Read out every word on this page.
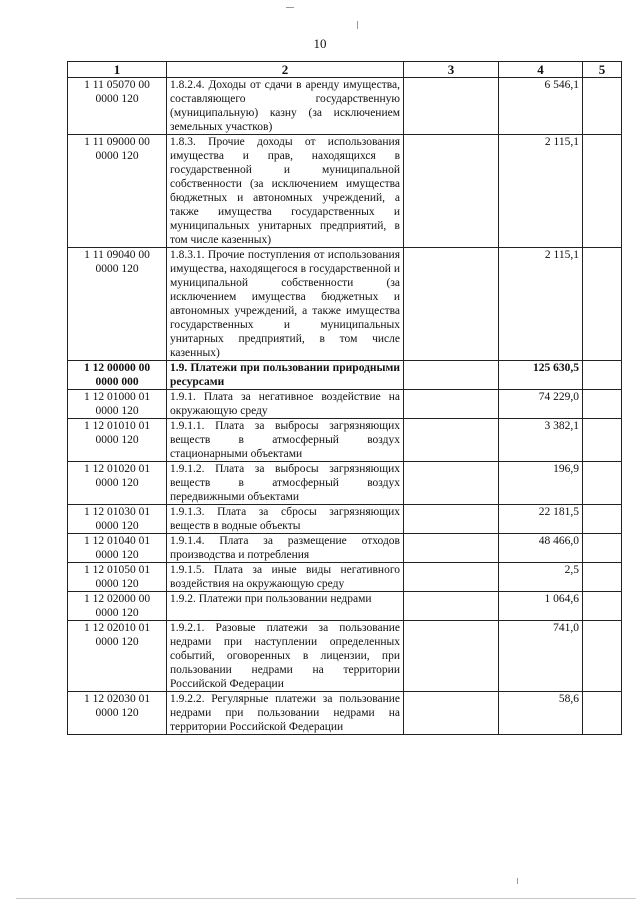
10
1	2	3	4	5
1 11 05070 00
0000 120	1.8.2.4. Доходы от сдачи в аренду имущества, составляющего государственную (муниципальную) казну (за исключением земельных участков)		6 546,1	
1 11 09000 00
0000 120	1.8.3. Прочие доходы от использования имущества и прав, находящихся в государственной и муниципальной собственности (за исключением имущества бюджетных и автономных учреждений, а также имущества государственных и муниципальных унитарных предприятий, в том числе казенных)		2 115,1	
1 11 09040 00
0000 120	1.8.3.1. Прочие поступления от использования имущества, находящегося в государственной и муниципальной собственности (за исключением имущества бюджетных и автономных учреждений, а также имущества государственных и муниципальных унитарных предприятий, в том числе казенных)		2 115,1	
1 12 00000 00
0000 000	1.9. Платежи при пользовании природными ресурсами		125 630,5	
1 12 01000 01
0000 120	1.9.1. Плата за негативное воздействие на окружающую среду		74 229,0	
1 12 01010 01
0000 120	1.9.1.1. Плата за выбросы загрязняющих веществ в атмосферный воздух стационарными объектами		3 382,1	
1 12 01020 01
0000 120	1.9.1.2. Плата за выбросы загрязняющих веществ в атмосферный воздух передвижными объектами		196,9	
1 12 01030 01
0000 120	1.9.1.3. Плата за сбросы загрязняющих веществ в водные объекты		22 181,5	
1 12 01040 01
0000 120	1.9.1.4. Плата за размещение отходов производства и потребления		48 466,0	
1 12 01050 01
0000 120	1.9.1.5. Плата за иные виды негативного воздействия на окружающую среду		2,5	
1 12 02000 00
0000 120	1.9.2. Платежи при пользовании недрами		1 064,6	
1 12 02010 01
0000 120	1.9.2.1. Разовые платежи за пользование недрами при наступлении определенных событий, оговоренных в лицензии, при пользовании недрами на территории Российской Федерации		741,0	
1 12 02030 01
0000 120	1.9.2.2. Регулярные платежи за пользование недрами при пользовании недрами на территории Российской Федерации		58,6	
